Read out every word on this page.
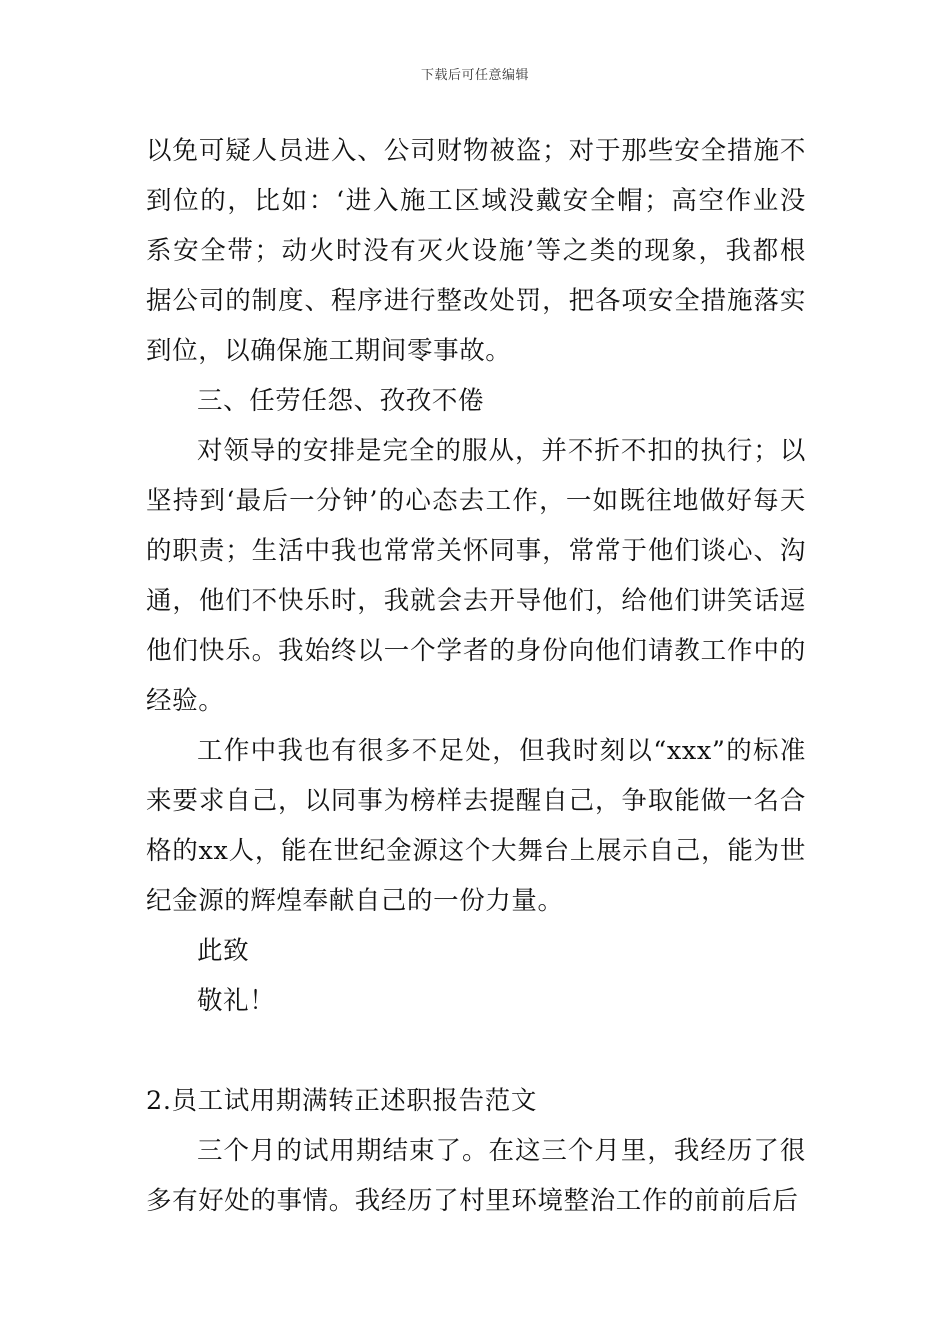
下载后可任意编辑

以免可疑人员进入、公司财物被盗；对于那些安全措施不到位的，比如：‘进入施工区域没戴安全帽；高空作业没系安全带；动火时没有灭火设施’等之类的现象，我都根据公司的制度、程序进行整改处罚，把各项安全措施落实到位，以确保施工期间零事故。

三、任劳任怨、孜孜不倦

对领导的安排是完全的服从，并不折不扣的执行；以坚持到‘最后一分钟’的心态去工作，一如既往地做好每天的职责；生活中我也常常关怀同事，常常于他们谈心、沟通，他们不快乐时，我就会去开导他们，给他们讲笑话逗他们快乐。我始终以一个学者的身份向他们请教工作中的经验。

工作中我也有很多不足处，但我时刻以“xxx”的标准来要求自己，以同事为榜样去提醒自己，争取能做一名合格的xx人，能在世纪金源这个大舞台上展示自己，能为世纪金源的辉煌奉献自己的一份力量。

此致

敬礼！

2.员工试用期满转正述职报告范文

三个月的试用期结束了。在这三个月里，我经历了很多有好处的事情。我经历了村里环境整治工作的前前后后
